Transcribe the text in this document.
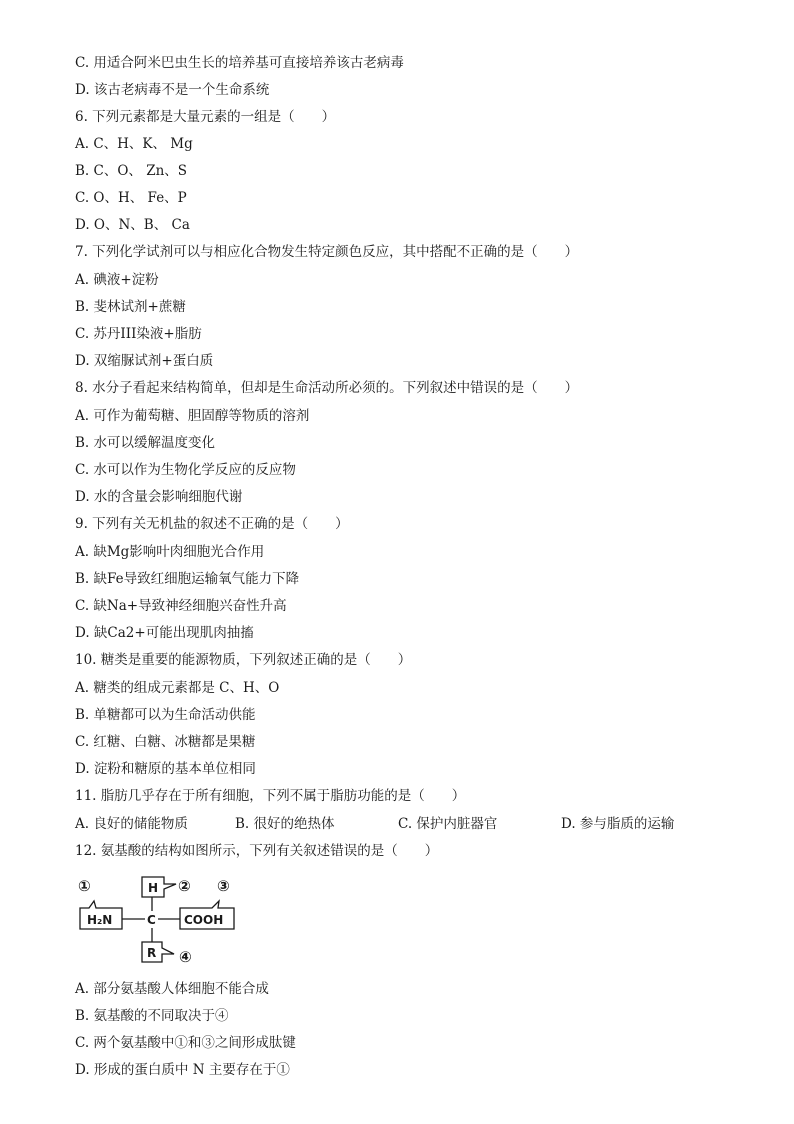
C. 用适合阿米巴虫生长的培养基可直接培养该古老病毒
D. 该古老病毒不是一个生命系统
6. 下列元素都是大量元素的一组是（　　）
A. C、H、K、 Mg
B. C、O、 Zn、S
C. O、H、 Fe、P
D. O、N、B、 Ca
7. 下列化学试剂可以与相应化合物发生特定颜色反应，其中搭配不正确的是（　　）
A. 碘液+淀粉
B. 斐林试剂+蔗糖
C. 苏丹III染液+脂肪
D. 双缩脲试剂+蛋白质
8. 水分子看起来结构简单，但却是生命活动所必须的。下列叙述中错误的是（　　）
A. 可作为葡萄糖、胆固醇等物质的溶剂
B. 水可以缓解温度变化
C. 水可以作为生物化学反应的反应物
D. 水的含量会影响细胞代谢
9. 下列有关无机盐的叙述不正确的是（　　）
A. 缺Mg影响叶肉细胞光合作用
B. 缺Fe导致红细胞运输氧气能力下降
C. 缺Na+导致神经细胞兴奋性升高
D. 缺Ca2+可能出现肌肉抽搐
10. 糖类是重要的能源物质，下列叙述正确的是（　　）
A. 糖类的组成元素都是 C、H、O
B. 单糖都可以为生命活动供能
C. 红糖、白糖、冰糖都是果糖
D. 淀粉和糖原的基本单位相同
11. 脂肪几乎存在于所有细胞，下列不属于脂肪功能的是（　　）
A. 良好的储能物质	B. 很好的绝热体	C. 保护内脏器官	D. 参与脂质的运输
12. 氨基酸的结构如图所示，下列有关叙述错误的是（　　）
①	② ③
④
H
H₂N	C COOH
R
A. 部分氨基酸人体细胞不能合成
B. 氨基酸的不同取决于④
C. 两个氨基酸中①和③之间形成肽键
D. 形成的蛋白质中 N 主要存在于①
